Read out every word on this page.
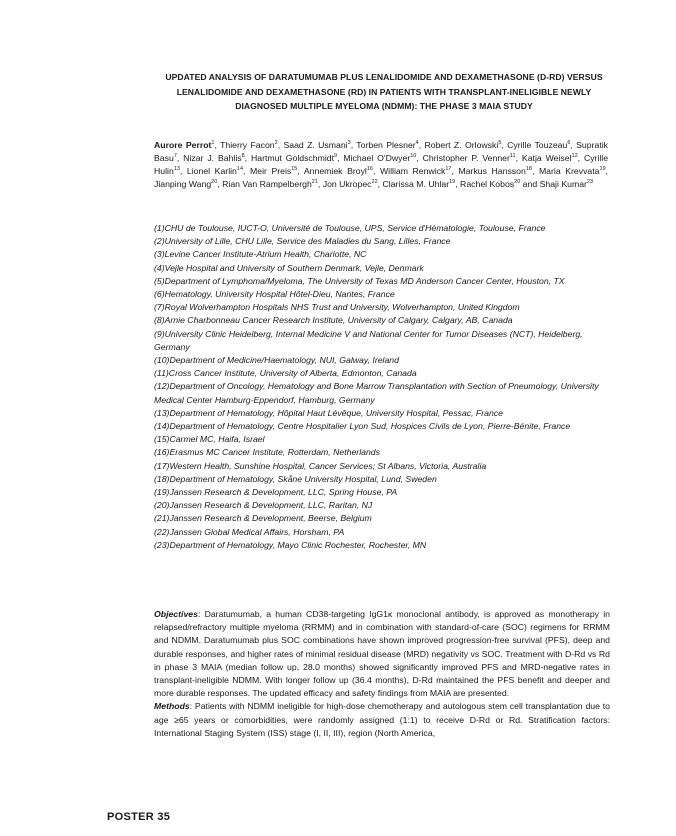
UPDATED ANALYSIS OF DARATUMUMAB PLUS LENALIDOMIDE AND DEXAMETHASONE (D-RD) VERSUS LENALIDOMIDE AND DEXAMETHASONE (RD) IN PATIENTS WITH TRANSPLANT-INELIGIBLE NEWLY DIAGNOSED MULTIPLE MYELOMA (NDMM): THE PHASE 3 MAIA STUDY
Aurore Perrot$^1$, Thierry Facon$^2$, Saad Z. Usmani$^3$, Torben Plesner$^4$, Robert Z. Orlowski$^5$, Cyrille Touzeau$^6$, Supratik Basu$^7$, Nizar J. Bahlis$^8$, Hartmut Goldschmidt$^9$, Michael O'Dwyer$^{10}$, Christopher P. Venner$^{11}$, Katja Weisel$^{12}$, Cyrille Hulin$^{13}$, Lionel Karlin$^{14}$, Meir Preis$^{15}$, Annemiek Broyl$^{16}$, William Renwick$^{17}$, Markus Hansson$^{18}$, Maria Krevvata$^{19}$, Jianping Wang$^{20}$, Rian Van Rampelbergh$^{21}$, Jon Ukropec$^{22}$, Clarissa M. Uhlar$^{19}$, Rachel Kobos$^{20}$ and Shaji Kumar$^{23}$
(1)CHU de Toulouse, IUCT-O, Université de Toulouse, UPS, Service d'Hématologie, Toulouse, France
(2)University of Lille, CHU Lille, Service des Maladies du Sang, Lilles, France
(3)Levine Cancer Institute-Atrium Health, Charlotte, NC
(4)Vejle Hospital and University of Southern Denmark, Vejle, Denmark
(5)Department of Lymphoma/Myeloma, The University of Texas MD Anderson Cancer Center, Houston, TX
(6)Hematology, University Hospital Hôtel-Dieu, Nantes, France
(7)Royal Wolverhampton Hospitals NHS Trust and University, Wolverhampton, United Kingdom
(8)Arnie Charbonneau Cancer Research Institute, University of Calgary, Calgary, AB, Canada
(9)University Clinic Heidelberg, Internal Medicine V and National Center for Tumor Diseases (NCT), Heidelberg, Germany
(10)Department of Medicine/Haematology, NUI, Galway, Ireland
(11)Cross Cancer Institute, University of Alberta, Edmonton, Canada
(12)Department of Oncology, Hematology and Bone Marrow Transplantation with Section of Pneumology, University Medical Center Hamburg-Eppendorf, Hamburg, Germany
(13)Department of Hematology, Hôpital Haut Lévêque, University Hospital, Pessac, France
(14)Department of Hematology, Centre Hospitalier Lyon Sud, Hospices Civils de Lyon, Pierre-Bénite, France
(15)Carmel MC, Haifa, Israel
(16)Erasmus MC Cancer Institute, Rotterdam, Netherlands
(17)Western Health, Sunshine Hospital, Cancer Services; St Albans, Victoria, Australia
(18)Department of Hematology, Skåne University Hospital, Lund, Sweden
(19)Janssen Research & Development, LLC, Spring House, PA
(20)Janssen Research & Development, LLC, Raritan, NJ
(21)Janssen Research & Development, Beerse, Belgium
(22)Janssen Global Medical Affairs, Horsham, PA
(23)Department of Hematology, Mayo Clinic Rochester, Rochester, MN

Objectives: Daratumumab, a human CD38-targeting IgG1κ monoclonal antibody, is approved as monotherapy in relapsed/refractory multiple myeloma (RRMM) and in combination with standard-of-care (SOC) regimens for RRMM and NDMM. Daratumumab plus SOC combinations have shown improved progression-free survival (PFS), deep and durable responses, and higher rates of minimal residual disease (MRD) negativity vs SOC. Treatment with D-Rd vs Rd in phase 3 MAIA (median follow up, 28.0 months) showed significantly improved PFS and MRD-negative rates in transplant-ineligible NDMM. With longer follow up (36.4 months), D-Rd maintained the PFS benefit and deeper and more durable responses. The updated efficacy and safety findings from MAIA are presented.

Methods: Patients with NDMM ineligible for high-dose chemotherapy and autologous stem cell transplantation due to age ≥65 years or comorbidities, were randomly assigned (1:1) to receive D-Rd or Rd. Stratification factors: International Staging System (ISS) stage (I, II, III), region (North America,

POSTER 35
